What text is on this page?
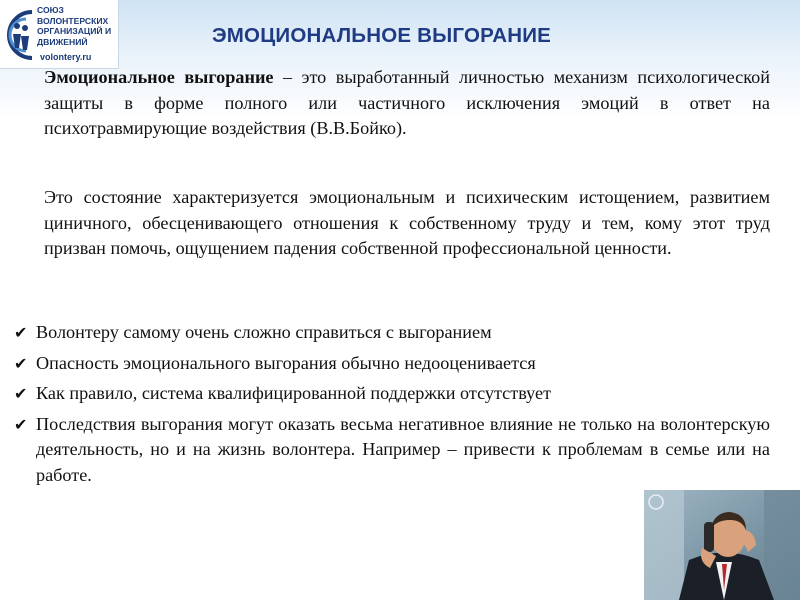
СОЮЗ
ВОЛОНТЕРСКИХ
ОРГАНИЗАЦИЙ И
ДВИЖЕНИЙ
volontery.ru
ЭМОЦИОНАЛЬНОЕ ВЫГОРАНИЕ
Эмоциональное выгорание – это выработанный личностью механизм психологической защиты в форме полного или частичного исключения эмоций в ответ на психотравмирующие воздействия (В.В.Бойко).
Это состояние характеризуется эмоциональным и психическим истощением, развитием циничного, обесценивающего отношения к собственному труду и тем, кому этот труд призван помочь, ощущением падения собственной профессиональной ценности.
✔ Волонтеру самому очень сложно справиться с выгоранием
✔ Опасность эмоционального выгорания обычно недооценивается
✔ Как правило, система квалифицированной поддержки отсутствует
✔ Последствия выгорания могут оказать весьма негативное влияние не только на волонтерскую деятельность, но и на жизнь волонтера. Например – привести к проблемам в семье или на работе.
